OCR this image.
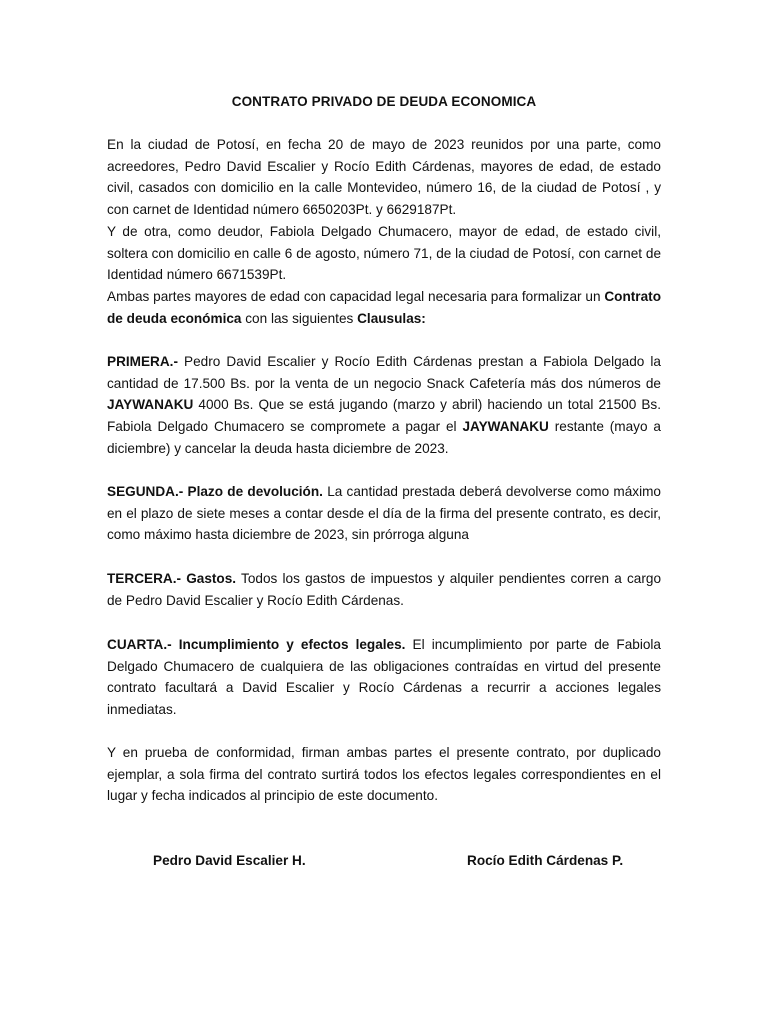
CONTRATO PRIVADO DE DEUDA ECONOMICA

En la ciudad de Potosí, en fecha 20 de mayo de 2023 reunidos por una parte, como acreedores, Pedro David Escalier y Rocío Edith Cárdenas, mayores de edad, de estado civil, casados con domicilio en la calle Montevideo, número 16, de la ciudad de Potosí , y con carnet de Identidad número 6650203Pt. y 6629187Pt.

Y de otra, como deudor, Fabiola Delgado Chumacero, mayor de edad, de estado civil, soltera con domicilio en calle 6 de agosto, número 71, de la ciudad de Potosí, con carnet de Identidad número 6671539Pt.

Ambas partes mayores de edad con capacidad legal necesaria para formalizar un Contrato de deuda económica con las siguientes Clausulas:

PRIMERA.- Pedro David Escalier y Rocío Edith Cárdenas prestan a Fabiola Delgado la cantidad de 17.500 Bs. por la venta de un negocio Snack Cafetería más dos números de JAYWANAKU 4000 Bs. Que se está jugando (marzo y abril) haciendo un total 21500 Bs. Fabiola Delgado Chumacero se compromete a pagar el JAYWANAKU restante (mayo a diciembre) y cancelar la deuda hasta diciembre de 2023.

SEGUNDA.- Plazo de devolución. La cantidad prestada deberá devolverse como máximo en el plazo de siete meses a contar desde el día de la firma del presente contrato, es decir, como máximo hasta diciembre de 2023, sin prórroga alguna

TERCERA.- Gastos. Todos los gastos de impuestos y alquiler pendientes corren a cargo de Pedro David Escalier y Rocío Edith Cárdenas.

CUARTA.- Incumplimiento y efectos legales. El incumplimiento por parte de Fabiola Delgado Chumacero de cualquiera de las obligaciones contraídas en virtud del presente contrato facultará a David Escalier y Rocío Cárdenas a recurrir a acciones legales inmediatas.

Y en prueba de conformidad, firman ambas partes el presente contrato, por duplicado ejemplar, a sola firma del contrato surtirá todos los efectos legales correspondientes en el lugar y fecha indicados al principio de este documento.

Pedro David Escalier H.	Rocío Edith Cárdenas P.
